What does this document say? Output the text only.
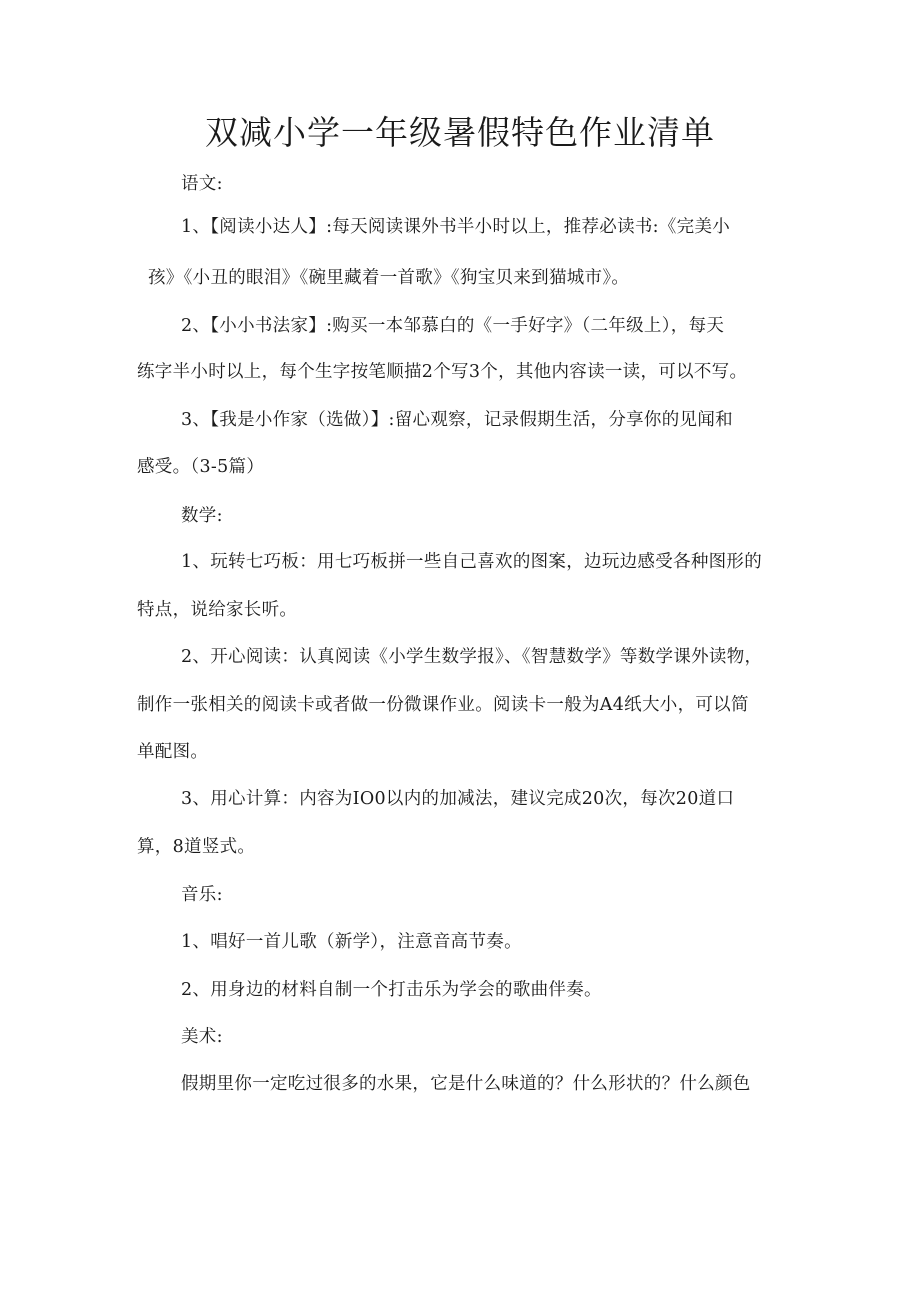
双减小学一年级暑假特色作业清单
语文:
1、【阅读小达人】:每天阅读课外书半小时以上，推荐必读书:《完美小
孩》《小丑的眼泪》《碗里藏着一首歌》《狗宝贝来到猫城市》。
2、【小小书法家】:购买一本邹慕白的《一手好字》（二年级上），每天
练字半小时以上，每个生字按笔顺描2个写3个，其他内容读一读，可以不写。
3、【我是小作家（选做）】:留心观察，记录假期生活，分享你的见闻和
感受。（3-5篇）
数学:
1、玩转七巧板：用七巧板拼一些自己喜欢的图案，边玩边感受各种图形的
特点，说给家长听。
2、开心阅读：认真阅读《小学生数学报》、《智慧数学》等数学课外读物，
制作一张相关的阅读卡或者做一份微课作业。阅读卡一般为A4纸大小，可以简
单配图。
3、用心计算：内容为IO0以内的加减法，建议完成20次，每次20道口
算，8道竖式。
音乐:
1、唱好一首儿歌（新学），注意音高节奏。
2、用身边的材料自制一个打击乐为学会的歌曲伴奏。
美术:
假期里你一定吃过很多的水果，它是什么味道的？什么形状的？什么颜色
